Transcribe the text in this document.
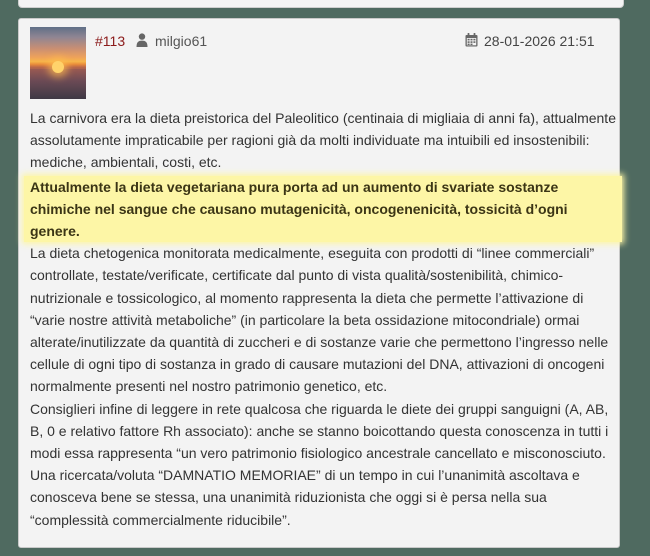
#113 milgio61	28-01-2026 21:51

La carnivora era la dieta preistorica del Paleolitico (centinaia di migliaia di anni fa), attualmente assolutamente impraticabile per ragioni già da molti individuate ma intuibili ed insostenibili: mediche, ambientali, costi, etc.

Attualmente la dieta vegetariana pura porta ad un aumento di svariate sostanze chimiche nel sangue che causano mutagenicità, oncogenenicità, tossicità d’ogni genere.

La dieta chetogenica monitorata medicalmente, eseguita con prodotti di “linee commerciali” controllate, testate/verificate, certificate dal punto di vista qualità/sostenibilità, chimico-nutrizionale e tossicologico, al momento rappresenta la dieta che permette l’attivazione di “varie nostre attività metaboliche” (in particolare la beta ossidazione mitocondriale) ormai alterate/inutilizzate da quantità di zuccheri e di sostanze varie che permettono l’ingresso nelle cellule di ogni tipo di sostanza in grado di causare mutazioni del DNA, attivazioni di oncogeni normalmente presenti nel nostro patrimonio genetico, etc.

Consiglieri infine di leggere in rete qualcosa che riguarda le diete dei gruppi sanguigni (A, AB, B, 0 e relativo fattore Rh associato): anche se stanno boicottando questa conoscenza in tutti i modi essa rappresenta “un vero patrimonio fisiologico ancestrale cancellato e misconosciuto.

Una ricercata/voluta “DAMNATIO MEMORIAE” di un tempo in cui l’unanimità ascoltava e conosceva bene se stessa, una unanimità riduzionista che oggi si è persa nella sua “complessità commercialmente riducibile”.
